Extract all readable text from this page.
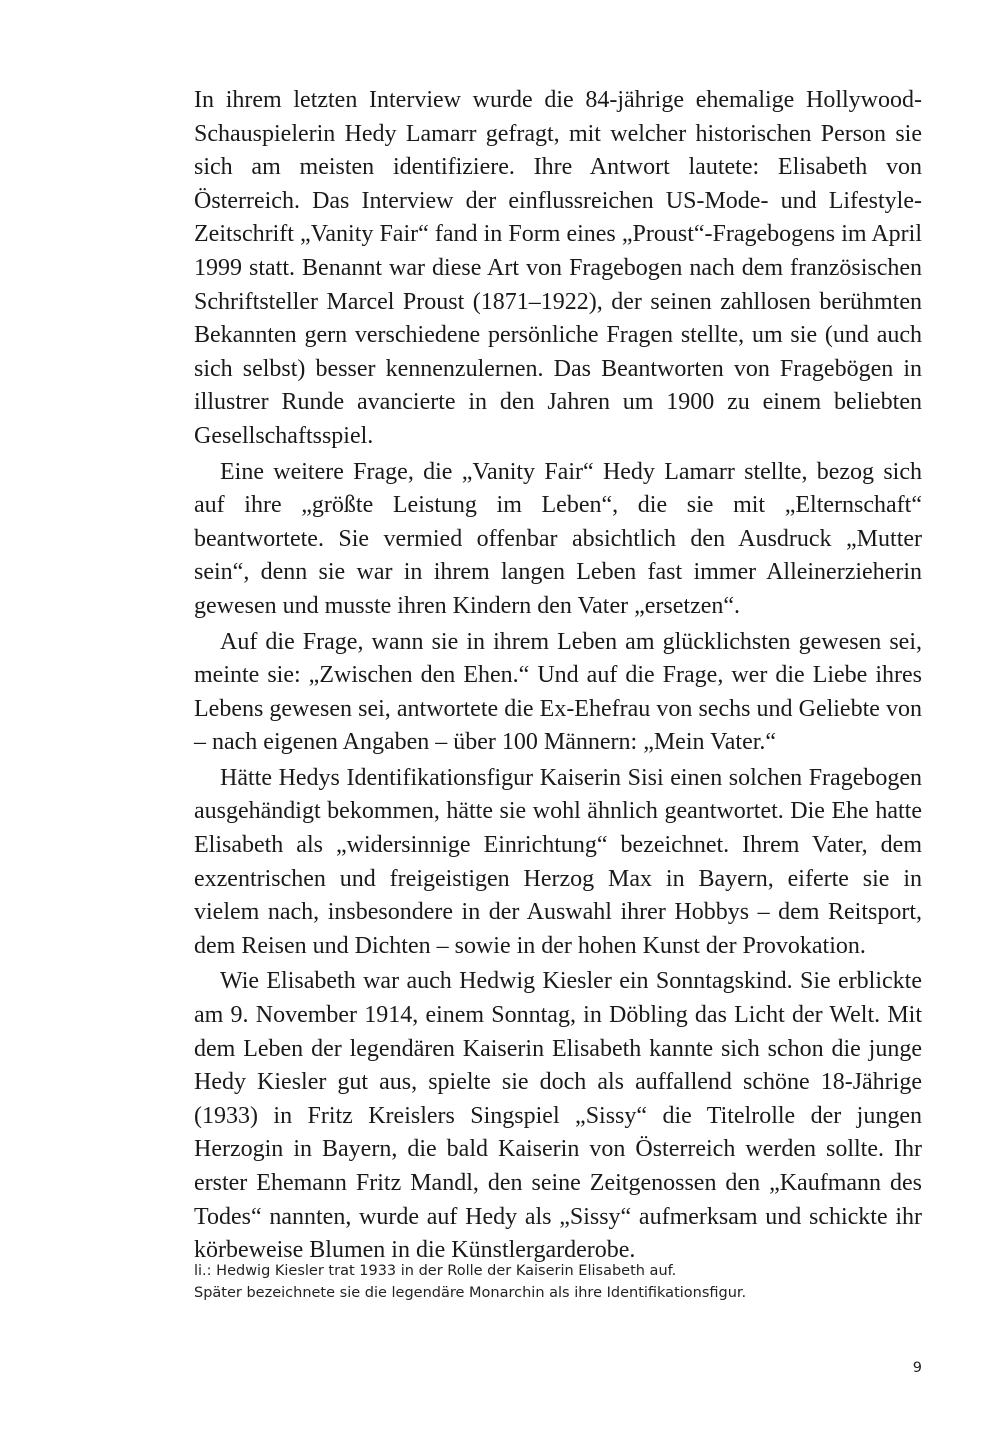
In ihrem letzten Interview wurde die 84-jährige ehemalige Hollywood-Schauspielerin Hedy Lamarr gefragt, mit welcher historischen Person sie sich am meisten identifiziere. Ihre Antwort lautete: Elisabeth von Österreich. Das Interview der einflussreichen US-Mode- und Lifestyle-Zeitschrift „Vanity Fair“ fand in Form eines „Proust“-Fragebogens im April 1999 statt. Benannt war diese Art von Fragebogen nach dem französischen Schriftsteller Marcel Proust (1871–1922), der seinen zahllosen berühmten Bekannten gern verschiedene persönliche Fragen stellte, um sie (und auch sich selbst) besser kennenzulernen. Das Beantworten von Fragebögen in illustrer Runde avancierte in den Jahren um 1900 zu einem beliebten Gesellschaftsspiel.

Eine weitere Frage, die „Vanity Fair“ Hedy Lamarr stellte, bezog sich auf ihre „größte Leistung im Leben“, die sie mit „Elternschaft“ beantwortete. Sie vermied offenbar absichtlich den Ausdruck „Mutter sein“, denn sie war in ihrem langen Leben fast immer Alleinerzieherin gewesen und musste ihren Kindern den Vater „ersetzen“.

Auf die Frage, wann sie in ihrem Leben am glücklichsten gewesen sei, meinte sie: „Zwischen den Ehen.“ Und auf die Frage, wer die Liebe ihres Lebens gewesen sei, antwortete die Ex-Ehefrau von sechs und Geliebte von – nach eigenen Angaben – über 100 Männern: „Mein Vater.“

Hätte Hedys Identifikationsfigur Kaiserin Sisi einen solchen Fragebogen ausgehändigt bekommen, hätte sie wohl ähnlich geantwortet. Die Ehe hatte Elisabeth als „widersinnige Einrichtung“ bezeichnet. Ihrem Vater, dem exzentrischen und freigeistigen Herzog Max in Bayern, eiferte sie in vielem nach, insbesondere in der Auswahl ihrer Hobbys – dem Reitsport, dem Reisen und Dichten – sowie in der hohen Kunst der Provokation.

Wie Elisabeth war auch Hedwig Kiesler ein Sonntagskind. Sie erblickte am 9. November 1914, einem Sonntag, in Döbling das Licht der Welt. Mit dem Leben der legendären Kaiserin Elisabeth kannte sich schon die junge Hedy Kiesler gut aus, spielte sie doch als auffallend schöne 18-Jährige (1933) in Fritz Kreislers Singspiel „Sissy“ die Titelrolle der jungen Herzogin in Bayern, die bald Kaiserin von Österreich werden sollte. Ihr erster Ehemann Fritz Mandl, den seine Zeitgenossen den „Kaufmann des Todes“ nannten, wurde auf Hedy als „Sissy“ aufmerksam und schickte ihr körbeweise Blumen in die Künstlergarderobe.

li.: Hedwig Kiesler trat 1933 in der Rolle der Kaiserin Elisabeth auf.
Später bezeichnete sie die legendäre Monarchin als ihre Identifikationsfigur.
9
